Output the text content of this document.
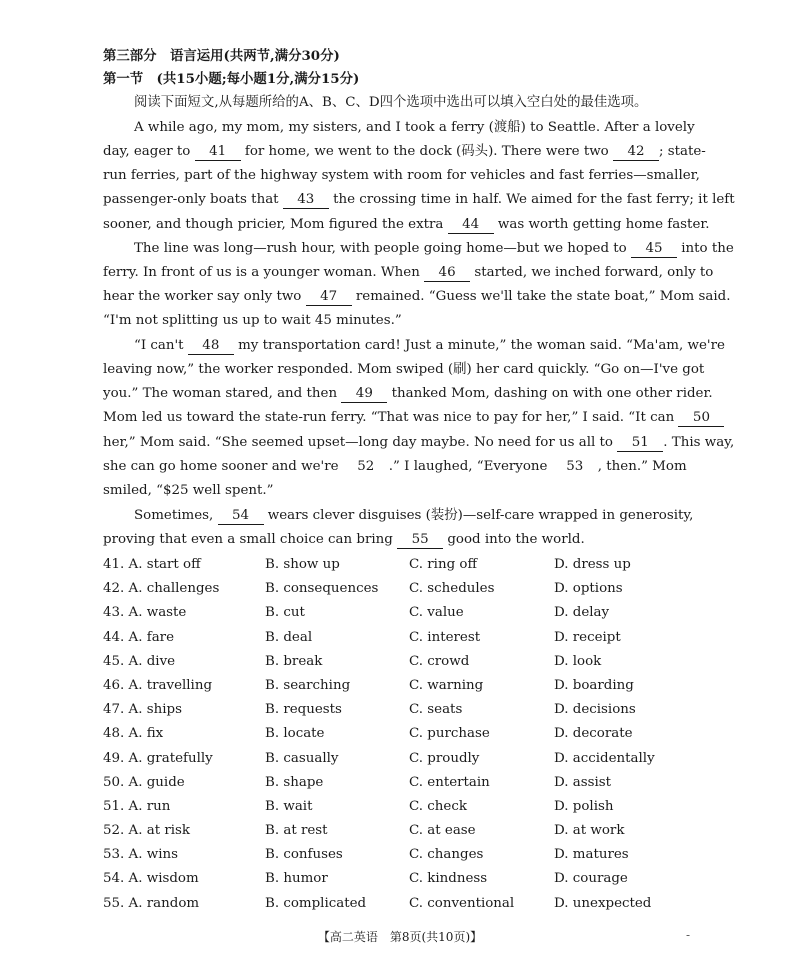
第三部分　语言运用(共两节,满分30分)
第一节　(共15小题;每小题1分,满分15分)
阅读下面短文,从每题所给的A、B、C、D四个选项中选出可以填入空白处的最佳选项。
A while ago, my mom, my sisters, and I took a ferry (渡船) to Seattle. After a lovely
day, eager to 41 for home, we went to the dock (码头). There were two 42 ; state-
run ferries, part of the highway system with room for vehicles and fast ferries—smaller,
passenger-only boats that 43 the crossing time in half. We aimed for the fast ferry; it left
sooner, and though pricier, Mom figured the extra 44 was worth getting home faster.
The line was long—rush hour, with people going home—but we hoped to 45 into the
ferry. In front of us is a younger woman. When 46 started, we inched forward, only to
hear the worker say only two 47 remained. “Guess we'll take the state boat,” Mom said.
“I'm not splitting us up to wait 45 minutes.”
“I can't 48 my transportation card! Just a minute,” the woman said. “Ma'am, we're
leaving now,” the worker responded. Mom swiped (刷) her card quickly. “Go on—I've got
you.” The woman stared, and then 49 thanked Mom, dashing on with one other rider.
Mom led us toward the state-run ferry. “That was nice to pay for her,” I said. “It can 50
her,” Mom said. “She seemed upset—long day maybe. No need for us all to 51 . This way,
she can go home sooner and we're 52 .” I laughed, “Everyone 53 , then.” Mom
smiled, “$25 well spent.”
Sometimes, 54 wears clever disguises (装扮)—self-care wrapped in generosity,
proving that even a small choice can bring 55 good into the world.
41. A. start off	B. show up	C. ring off	D. dress up
42. A. challenges	B. consequences C. schedules	D. options
43. A. waste	B. cut	C. value	D. delay
44. A. fare	B. deal	C. interest	D. receipt
45. A. dive	B. break	C. crowd	D. look
46. A. travelling	B. searching	C. warning	D. boarding
47. A. ships	B. requests	C. seats	D. decisions
48. A. fix	B. locate	C. purchase	D. decorate
49. A. gratefully	B. casually	C. proudly	D. accidentally
50. A. guide	B. shape	C. entertain	D. assist
51. A. run	B. wait	C. check	D. polish
52. A. at risk	B. at rest	C. at ease	D. at work
53. A. wins	B. confuses	C. changes	D. matures
54. A. wisdom	B. humor	C. kindness	D. courage
55. A. random	B. complicated	C. conventional	D. unexpected
【高二英语　第8页(共10页)】	-
